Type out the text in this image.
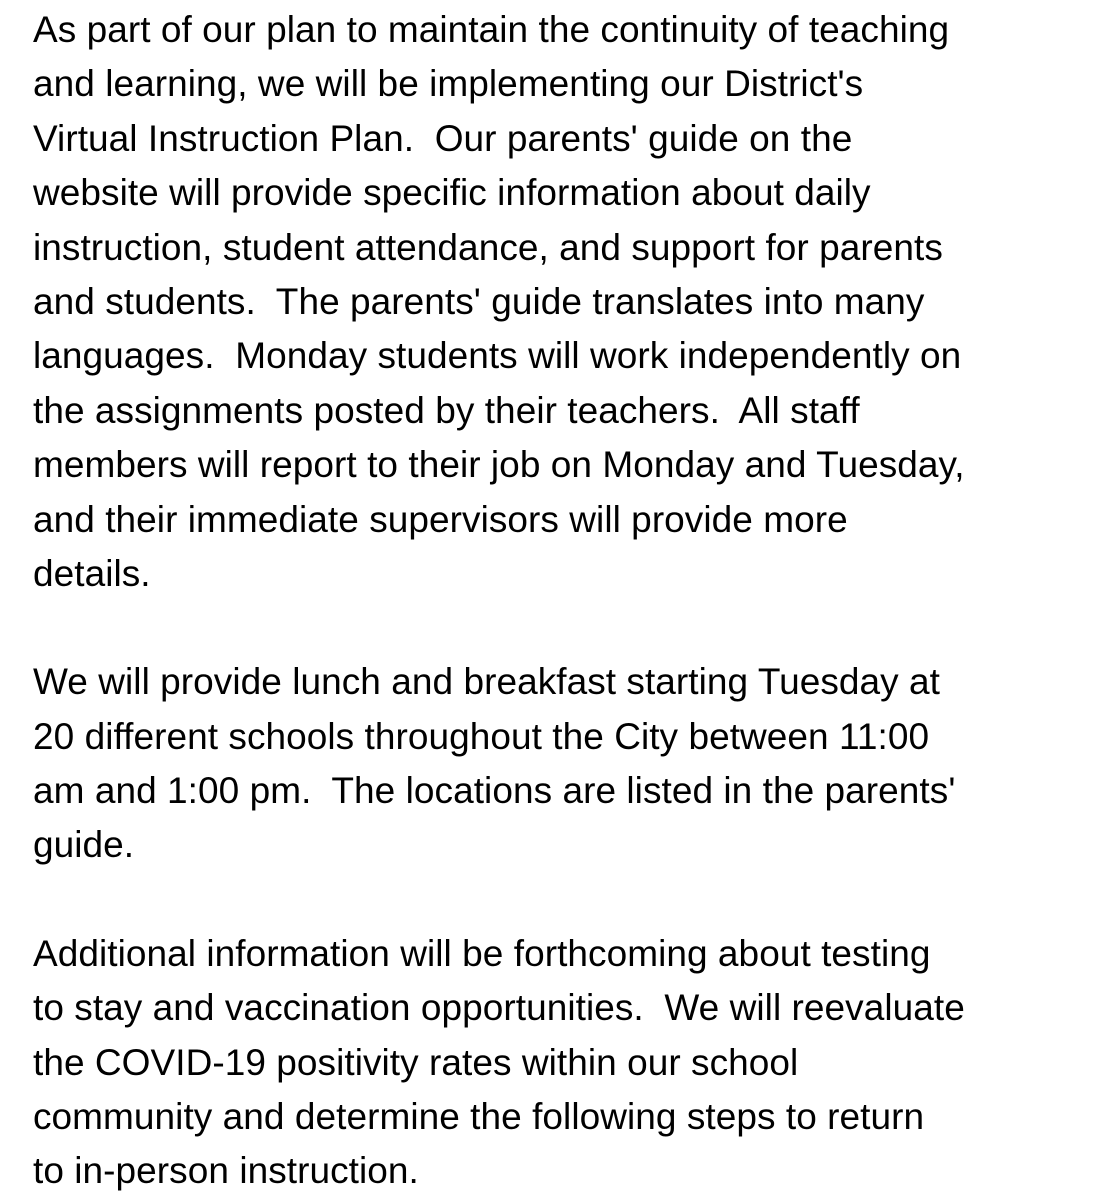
As part of our plan to maintain the continuity of teaching
and learning, we will be implementing our District's
Virtual Instruction Plan.  Our parents' guide on the
website will provide specific information about daily
instruction, student attendance, and support for parents
and students.  The parents' guide translates into many
languages.  Monday students will work independently on
the assignments posted by their teachers.  All staff
members will report to their job on Monday and Tuesday,
and their immediate supervisors will provide more
details.
We will provide lunch and breakfast starting Tuesday at
20 different schools throughout the City between 11:00
am and 1:00 pm.  The locations are listed in the parents'
guide.
Additional information will be forthcoming about testing
to stay and vaccination opportunities.  We will reevaluate
the COVID-19 positivity rates within our school
community and determine the following steps to return
to in-person instruction.
